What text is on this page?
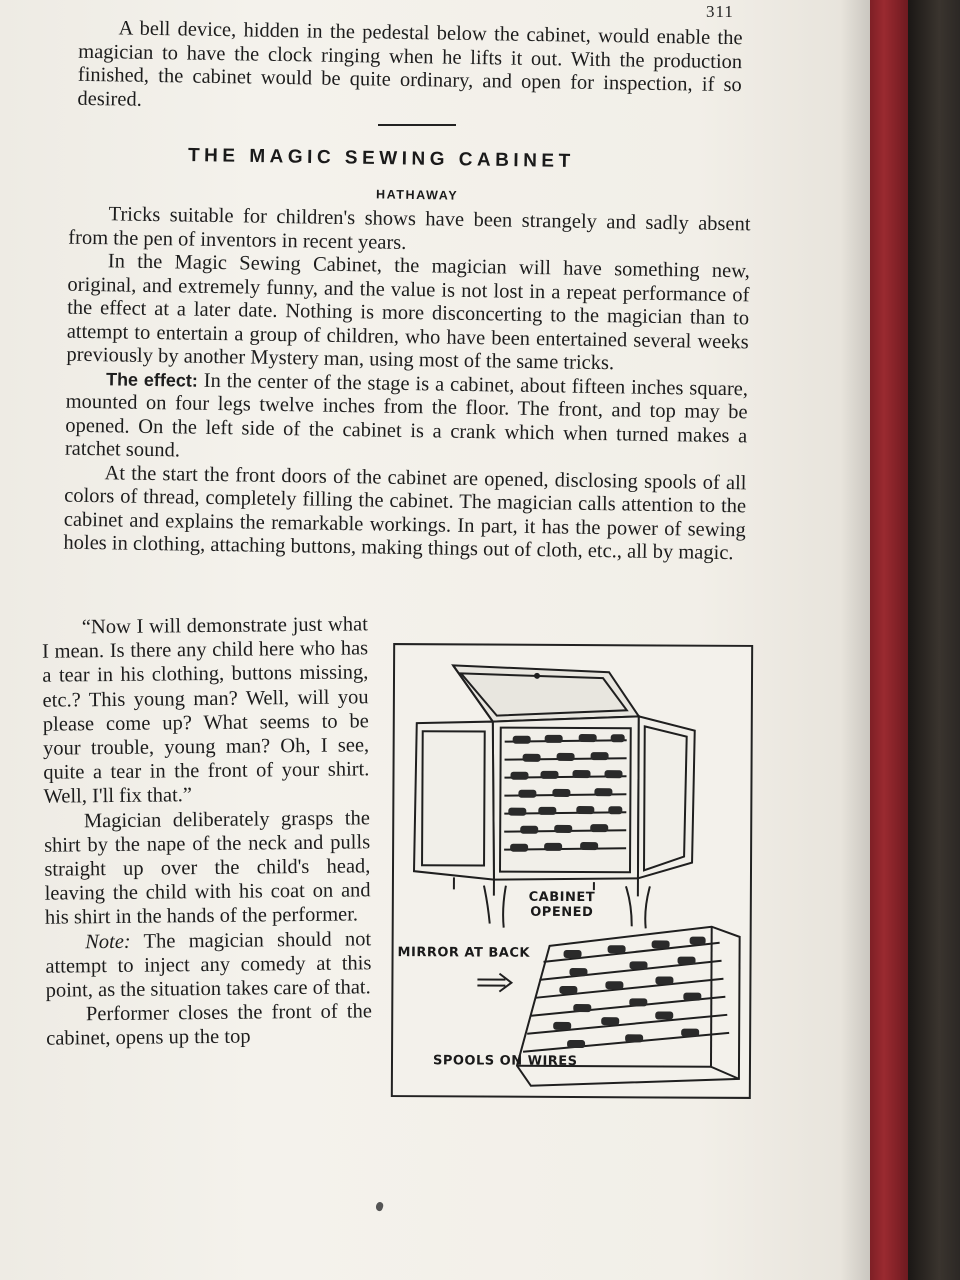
311

A bell device, hidden in the pedestal below the cabinet, would enable the magician to have the clock ringing when he lifts it out. With the production finished, the cabinet would be quite ordinary, and open for inspection, if so desired.

THE MAGIC SEWING CABINET
HATHAWAY

Tricks suitable for children's shows have been strangely and sadly absent from the pen of inventors in recent years.

In the Magic Sewing Cabinet, the magician will have something new, original, and extremely funny, and the value is not lost in a repeat performance of the effect at a later date. Nothing is more disconcerting to the magician than to attempt to entertain a group of children, who have been entertained several weeks previously by another Mystery man, using most of the same tricks.

The effect: In the center of the stage is a cabinet, about fifteen inches square, mounted on four legs twelve inches from the floor. The front, and top may be opened. On the left side of the cabinet is a crank which when turned makes a ratchet sound.

At the start the front doors of the cabinet are opened, disclosing spools of all colors of thread, completely filling the cabinet. The magician calls attention to the cabinet and explains the remarkable workings. In part, it has the power of sewing holes in clothing, attaching buttons, making things out of cloth, etc., all by magic.

“Now I will demonstrate just what I mean. Is there any child here who has a tear in his clothing, buttons missing, etc.? This young man? Well, will you please come up? What seems to be your trouble, young man? Oh, I see, quite a tear in the front of your shirt. Well, I'll fix that.”

Magician deliberately grasps the shirt by the nape of the neck and pulls straight up over the child's head, leaving the child with his coat on and his shirt in the hands of the performer.

Note: The magician should not attempt to inject any comedy at this point, as the situation takes care of that.

Performer closes the front of the cabinet, opens up the top

CABINET OPENED
MIRROR AT BACK
SPOOLS ON WIRES
